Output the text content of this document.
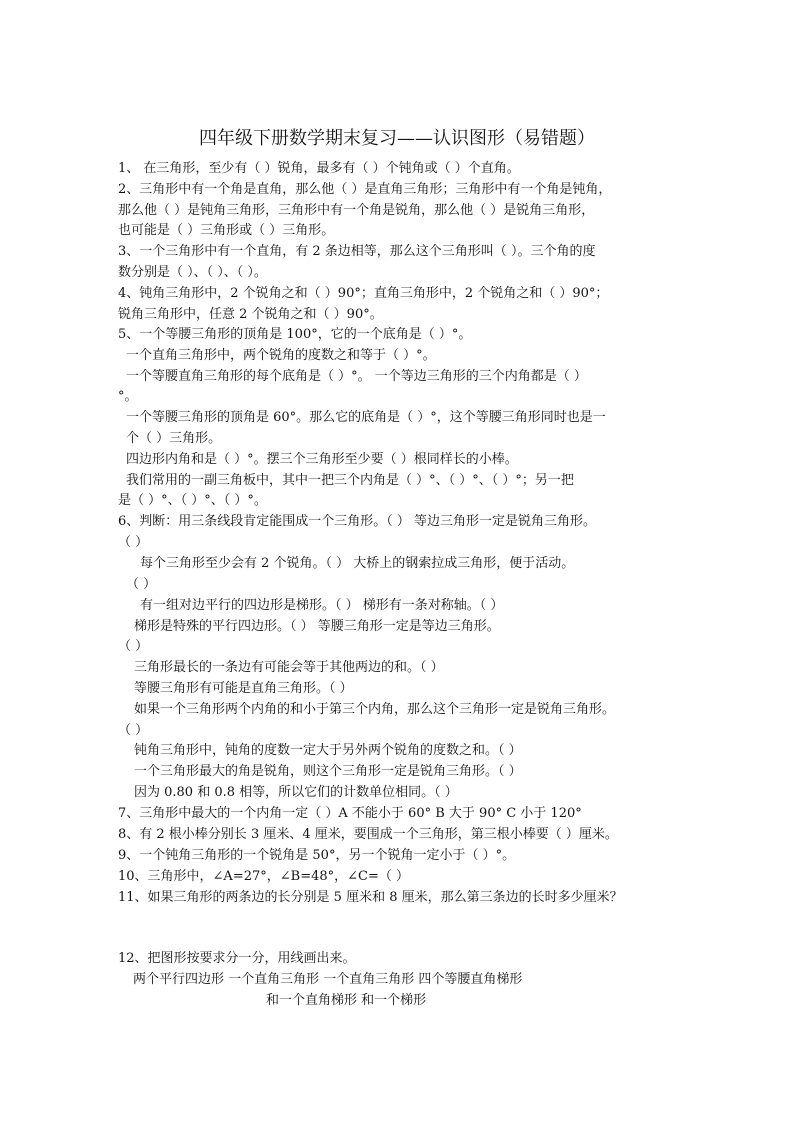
四年级下册数学期末复习——认识图形（易错题）
1、 在三角形，至少有（ ）锐角，最多有（ ）个钝角或（ ）个直角。
2、三角形中有一个角是直角，那么他（ ）是直角三角形；三角形中有一个角是钝角，
那么他（ ）是钝角三角形，三角形中有一个角是锐角，那么他（ ）是锐角三角形，
也可能是（ ）三角形或（ ）三角形。
3、一个三角形中有一个直角，有 2 条边相等，那么这个三角形叫（ ）。三个角的度
数分别是（ ）、（ ）、（ ）。
4、钝角三角形中，2 个锐角之和（ ）90°；直角三角形中，2 个锐角之和（ ）90°；
锐角三角形中，任意 2 个锐角之和（ ）90°。
5、一个等腰三角形的顶角是 100°，它的一个底角是（ ）°。
一个直角三角形中，两个锐角的度数之和等于（ ）°。
一个等腰直角三角形的每个底角是（ ）°。 一个等边三角形的三个内角都是（ ）
°。
一个等腰三角形的顶角是 60°。那么它的底角是（ ）°，这个等腰三角形同时也是一
个（ ）三角形。
四边形内角和是（ ）°。摆三个三角形至少要（ ）根同样长的小棒。
我们常用的一副三角板中，其中一把三个内角是（ ）°、（ ）°、（ ）°；另一把
是（ ）°、（ ）°、（ ）°。
6、判断：用三条线段肯定能围成一个三角形。（ ） 等边三角形一定是锐角三角形。
（ ）
每个三角形至少会有 2 个锐角。（ ） 大桥上的钢索拉成三角形，便于活动。
（ ）
有一组对边平行的四边形是梯形。（ ） 梯形有一条对称轴。（ ）
梯形是特殊的平行四边形。（ ） 等腰三角形一定是等边三角形。
（ ）
三角形最长的一条边有可能会等于其他两边的和。（ ）
等腰三角形有可能是直角三角形。（ ）
如果一个三角形两个内角的和小于第三个内角，那么这个三角形一定是锐角三角形。
（ ）
钝角三角形中，钝角的度数一定大于另外两个锐角的度数之和。（ ）
一个三角形最大的角是锐角，则这个三角形一定是锐角三角形。（ ）
因为 0.80 和 0.8 相等，所以它们的计数单位相同。（ ）
7、三角形中最大的一个内角一定（ ）A 不能小于 60° B 大于 90° C 小于 120°
8、有 2 根小棒分别长 3 厘米、4 厘米，要围成一个三角形，第三根小棒要（ ）厘米。
9、一个钝角三角形的一个锐角是 50°，另一个锐角一定小于（ ）°。
10、三角形中，∠A=27°，∠B=48°，∠C=（ ）
11、如果三角形的两条边的长分别是 5 厘米和 8 厘米，那么第三条边的长时多少厘米？
12、把图形按要求分一分，用线画出来。
两个平行四边形 一个直角三角形 一个直角三角形 四个等腰直角梯形
和一个直角梯形 和一个梯形
